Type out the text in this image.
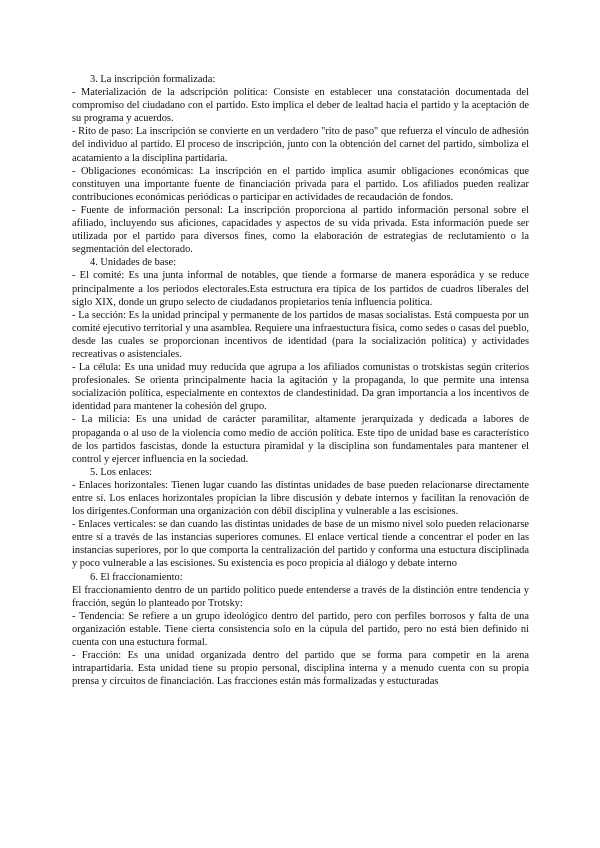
3. La inscripción formalizada:

- Materialización de la adscripción política: Consiste en establecer una constatación documentada del compromiso del ciudadano con el partido. Esto implica el deber de lealtad hacia el partido y la aceptación de su programa y acuerdos.

- Rito de paso: La inscripción se convierte en un verdadero "rito de paso" que refuerza el vínculo de adhesión del individuo al partido. El proceso de inscripción, junto con la obtención del carnet del partido, simboliza el acatamiento a la disciplina partidaria.

- Obligaciones económicas: La inscripción en el partido implica asumir obligaciones económicas que constituyen una importante fuente de financiación privada para el partido. Los afiliados pueden realizar contribuciones económicas periódicas o participar en actividades de recaudación de fondos.

- Fuente de información personal: La inscripción proporciona al partido información personal sobre el afiliado, incluyendo sus aficiones, capacidades y aspectos de su vida privada. Esta información puede ser utilizada por el partido para diversos fines, como la elaboración de estrategias de reclutamiento o la segmentación del electorado.

4. Unidades de base:

- El comité: Es una junta informal de notables, que tiende a formarse de manera esporádica y se reduce principalmente a los periodos electorales.Esta estructura era típica de los partidos de cuadros liberales del siglo XIX, donde un grupo selecto de ciudadanos propietarios tenía influencia política.

- La sección: Es la unidad principal y permanente de los partidos de masas socialistas. Está compuesta por un comité ejecutivo territorial y una asamblea. Requiere una infraestuctura física, como sedes o casas del pueblo, desde las cuales se proporcionan incentivos de identidad (para la socialización política) y actividades recreativas o asistenciales.

- La célula: Es una unidad muy reducida que agrupa a los afiliados comunistas o trotskistas según criterios profesionales. Se orienta principalmente hacia la agitación y la propaganda, lo que permite una intensa socialización política, especialmente en contextos de clandestinidad. Da gran importancia a los incentivos de identidad para mantener la cohesión del grupo.

- La milicia: Es una unidad de carácter paramilitar, altamente jerarquizada y dedicada a labores de propaganda o al uso de la violencia como medio de acción política. Este tipo de unidad base es característico de los partidos fascistas, donde la estuctura piramidal y la disciplina son fundamentales para mantener el control y ejercer influencia en la sociedad.

5. Los enlaces:

- Enlaces horizontales: Tienen lugar cuando las distintas unidades de base pueden relacionarse directamente entre sí. Los enlaces horizontales propician la libre discusión y debate internos y facilitan la renovación de los dirigentes.Conforman una organización con débil disciplina y vulnerable a las escisiones.

- Enlaces verticales: se dan cuando las distintas unidades de base de un mismo nivel solo pueden relacionarse entre sí a través de las instancias superiores comunes. El enlace vertical tiende a concentrar el poder en las instancias superiores, por lo que comporta la centralización del partido y conforma una estuctura disciplinada y poco vulnerable a las escisiones. Su existencia es poco propicia al diálogo y debate interno

6. El fraccionamiento:

El fraccionamiento dentro de un partido político puede entenderse a través de la distinción entre tendencia y fracción, según lo planteado por Trotsky:

- Tendencia: Se refiere a un grupo ideológico dentro del partido, pero con perfiles borrosos y falta de una organización estable. Tiene cierta consistencia solo en la cúpula del partido, pero no está bien definido ni cuenta con una estuctura formal.

- Fracción: Es una unidad organizada dentro del partido que se forma para competir en la arena intrapartidaria. Esta unidad tiene su propio personal, disciplina interna y a menudo cuenta con su propia prensa y circuitos de financiación. Las fracciones están más formalizadas y estucturadas
